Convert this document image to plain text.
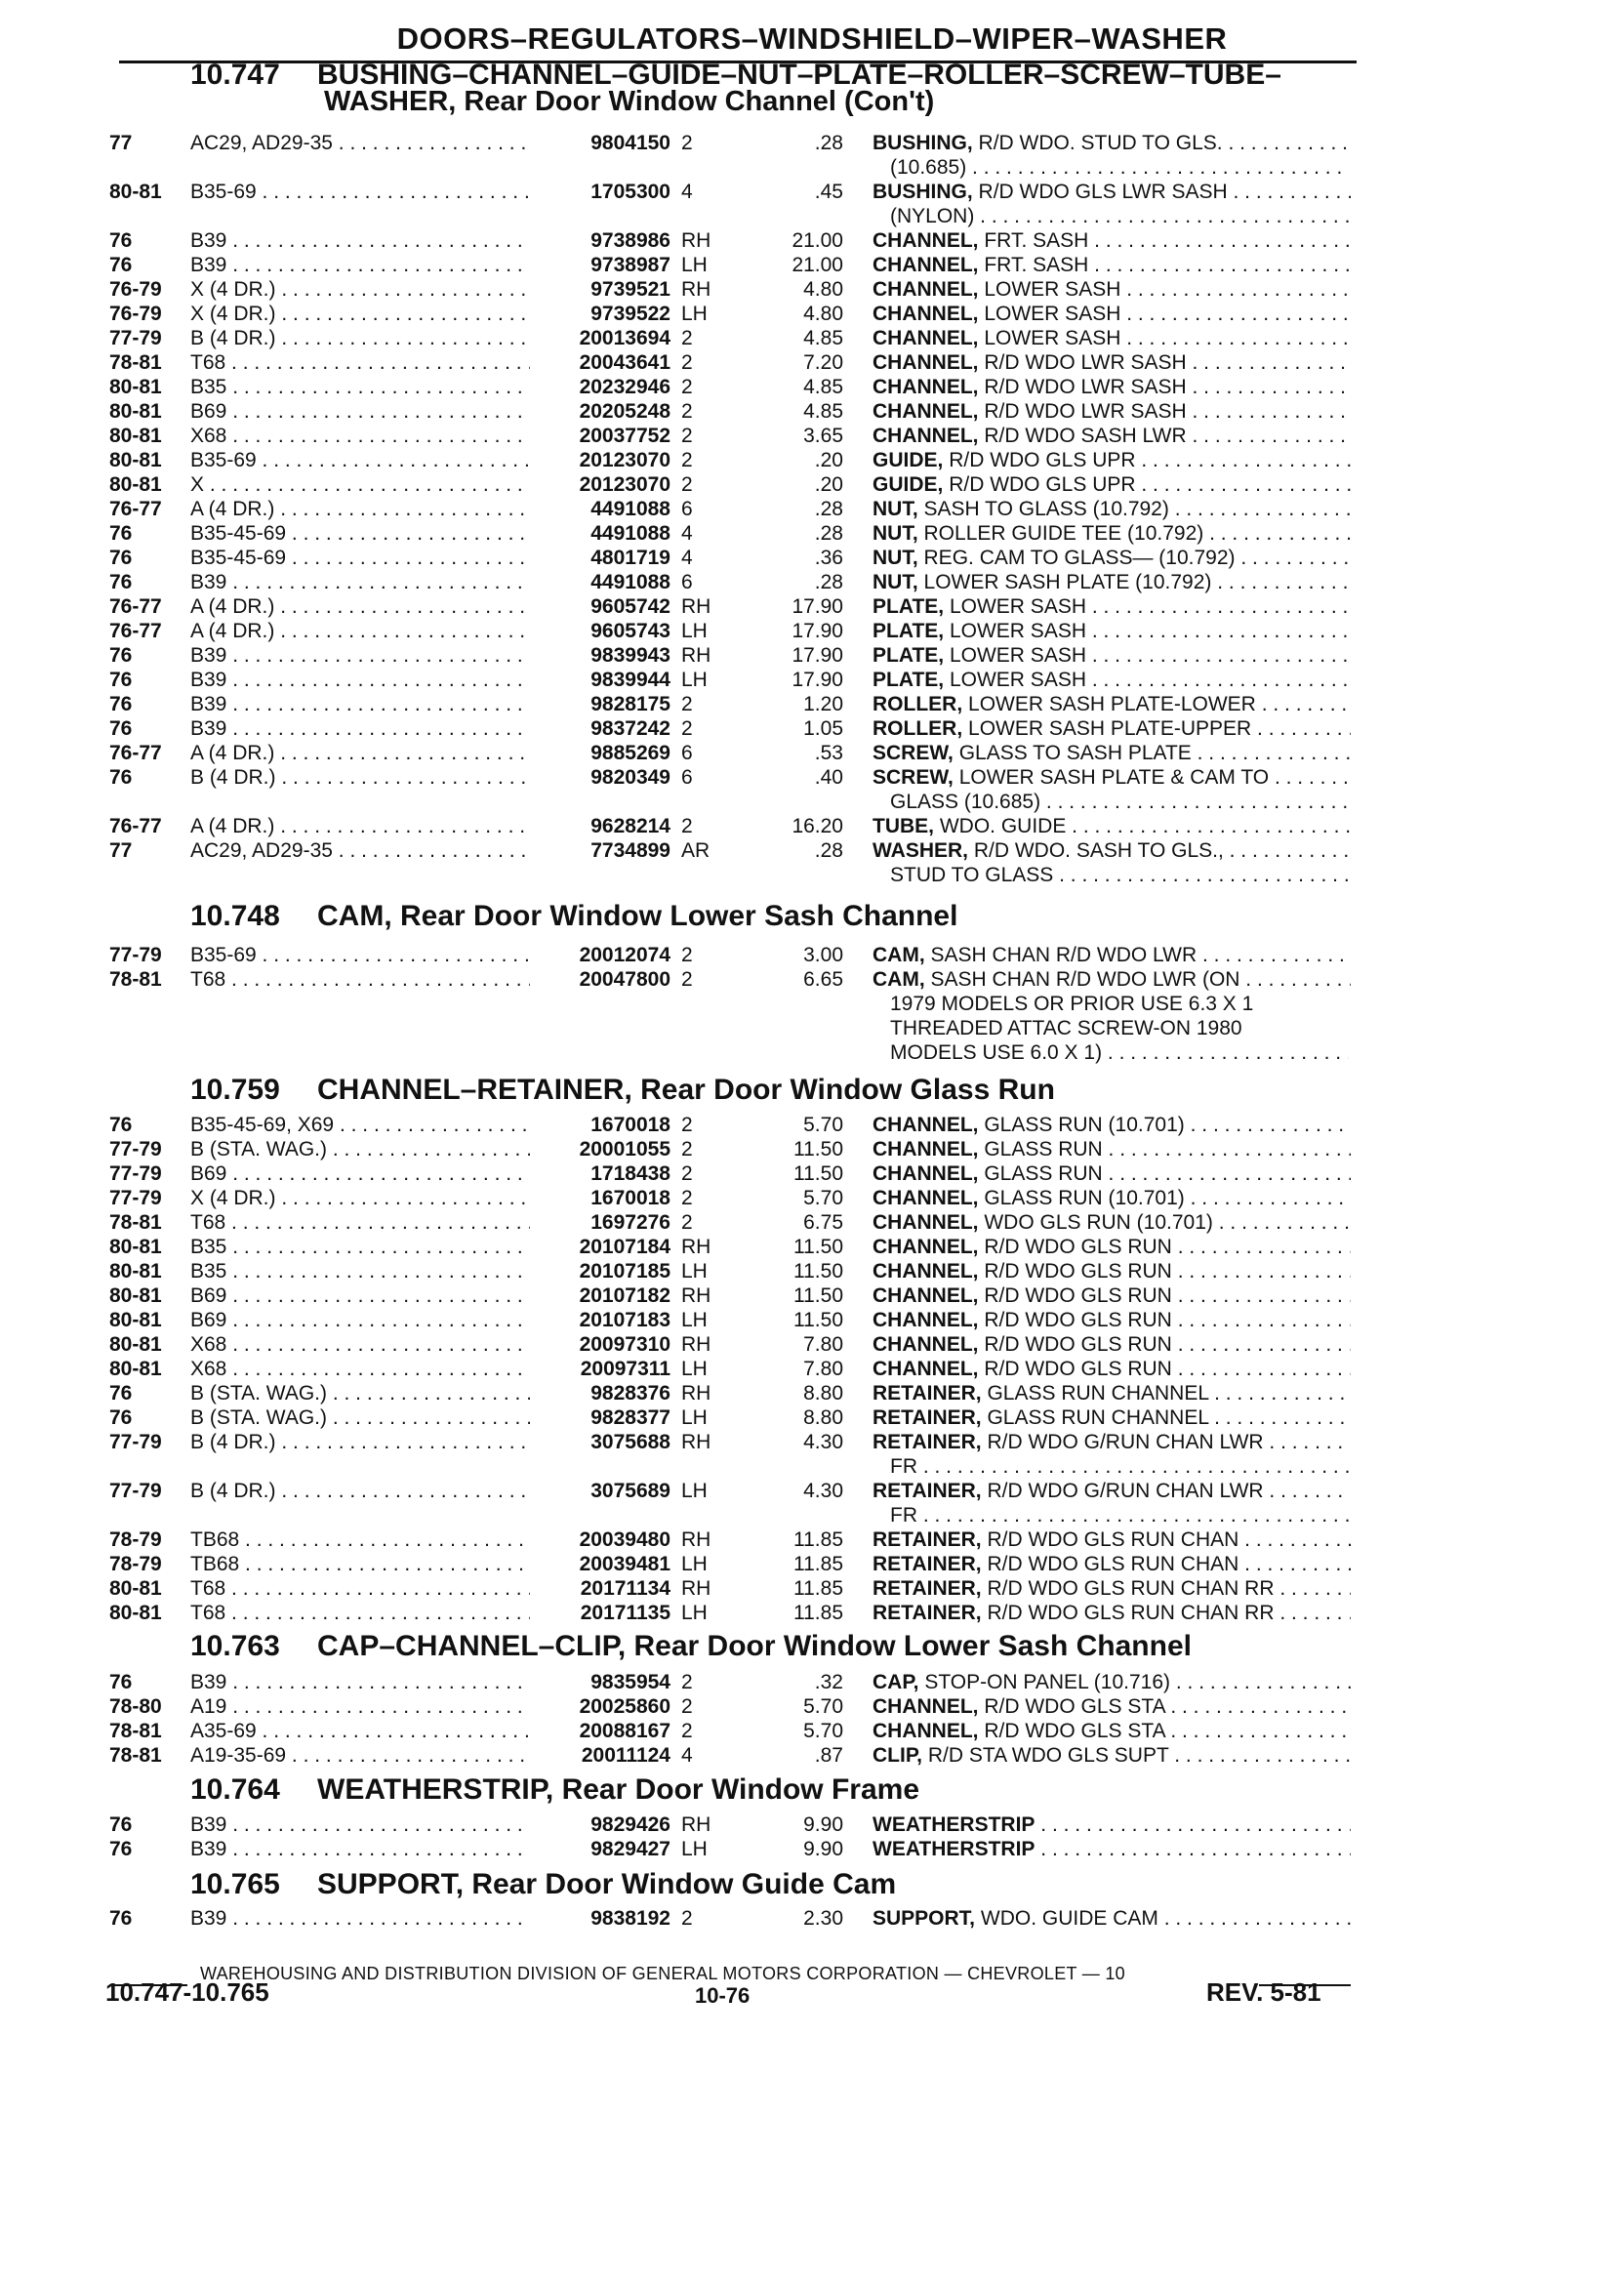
DOORS–REGULATORS–WINDSHIELD–WIPER–WASHER
10.747 BUSHING–CHANNEL–GUIDE–NUT–PLATE–ROLLER–SCREW–TUBE–
WASHER, Rear Door Window Channel (Con't)
77	AC29, AD29-35 . . .	9804150 2	.28 BUSHING, R/D WDO. STUD TO GLS. . . .
(10.685) . . .
80-81 B35-69 . . .	1705300 4	.45 BUSHING, R/D WDO GLS LWR SASH . . .
(NYLON) . . .
76	B39 . . .	9738986 RH	21.00 CHANNEL, FRT. SASH . . .
76	B39 . . .	9738987 LH	21.00 CHANNEL, FRT. SASH . . .
76-79 X (4 DR.) . . .	9739521 RH	4.80 CHANNEL, LOWER SASH . . .
76-79 X (4 DR.) . . .	9739522 LH	4.80 CHANNEL, LOWER SASH . . .
77-79 B (4 DR.) . . .	20013694 2	4.85 CHANNEL, LOWER SASH . . .
78-81 T68 . . .	20043641 2	7.20 CHANNEL, R/D WDO LWR SASH . . .
80-81 B35 . . .	20232946 2	4.85 CHANNEL, R/D WDO LWR SASH . . .
80-81 B69 . . .	20205248 2	4.85 CHANNEL, R/D WDO LWR SASH . . .
80-81 X68 . . .	20037752 2	3.65 CHANNEL, R/D WDO SASH LWR . . .
80-81 B35-69 . . .	20123070 2	.20 GUIDE, R/D WDO GLS UPR . . .
80-81 X . . .	20123070 2	.20 GUIDE, R/D WDO GLS UPR . . .
76-77 A (4 DR.) . . .	4491088 6	.28 NUT, SASH TO GLASS (10.792) . . .
76	B35-45-69 . . .	4491088 4	.28 NUT, ROLLER GUIDE TEE (10.792) . . .
76	B35-45-69 . . .	4801719 4	.36 NUT, REG. CAM TO GLASS— (10.792) . . .
76	B39 . . .	4491088 6	.28 NUT, LOWER SASH PLATE (10.792) . . .
76-77 A (4 DR.) . . .	9605742 RH	17.90 PLATE, LOWER SASH . . .
76-77 A (4 DR.) . . .	9605743 LH	17.90 PLATE, LOWER SASH . . .
76	B39 . . .	9839943 RH	17.90 PLATE, LOWER SASH . . .
76	B39 . . .	9839944 LH	17.90 PLATE, LOWER SASH . . .
76	B39 . . .	9828175 2	1.20 ROLLER, LOWER SASH PLATE-LOWER . . .
76	B39 . . .	9837242 2	1.05 ROLLER, LOWER SASH PLATE-UPPER . . .
76-77 A (4 DR.) . . .	9885269 6	.53 SCREW, GLASS TO SASH PLATE . . .
76	B (4 DR.) . . .	9820349 6	.40 SCREW, LOWER SASH PLATE & CAM TO . . .
GLASS (10.685) . . .
76-77 A (4 DR.) . . .	9628214 2	16.20 TUBE, WDO. GUIDE . . .
77	AC29, AD29-35 . . .	7734899 AR	.28 WASHER, R/D WDO. SASH TO GLS., . . .
STUD TO GLASS . . .
10.748 CAM, Rear Door Window Lower Sash Channel
77-79 B35-69 . . .	20012074 2	3.00 CAM, SASH CHAN R/D WDO LWR . . .
78-81 T68 . . .	20047800 2	6.65 CAM, SASH CHAN R/D WDO LWR (ON . . .
1979 MODELS OR PRIOR USE 6.3 X 1
THREADED ATTAC SCREW-ON 1980
MODELS USE 6.0 X 1) . . .
10.759 CHANNEL–RETAINER, Rear Door Window Glass Run
76	B35-45-69, X69 . . .	1670018 2	5.70 CHANNEL, GLASS RUN (10.701) . . .
77-79 B (STA. WAG.) . . .	20001055 2	11.50 CHANNEL, GLASS RUN . . .
77-79 B69 . . .	1718438 2	11.50 CHANNEL, GLASS RUN . . .
77-79 X (4 DR.) . . .	1670018 2	5.70 CHANNEL, GLASS RUN (10.701) . . .
78-81 T68 . . .	1697276 2	6.75 CHANNEL, WDO GLS RUN (10.701) . . .
80-81 B35 . . .	20107184 RH	11.50 CHANNEL, R/D WDO GLS RUN . . .
80-81 B35 . . .	20107185 LH	11.50 CHANNEL, R/D WDO GLS RUN . . .
80-81 B69 . . .	20107182 RH	11.50 CHANNEL, R/D WDO GLS RUN . . .
80-81 B69 . . .	20107183 LH	11.50 CHANNEL, R/D WDO GLS RUN . . .
80-81 X68 . . .	20097310 RH	7.80 CHANNEL, R/D WDO GLS RUN . . .
80-81 X68 . . .	20097311 LH	7.80 CHANNEL, R/D WDO GLS RUN . . .
76	B (STA. WAG.) . . .	9828376 RH	8.80 RETAINER, GLASS RUN CHANNEL . . .
76	B (STA. WAG.) . . .	9828377 LH	8.80 RETAINER, GLASS RUN CHANNEL . . .
77-79 B (4 DR.) . . .	3075688 RH	4.30 RETAINER, R/D WDO G/RUN CHAN LWR . . .
FR . . .
77-79 B (4 DR.) . . .	3075689 LH	4.30 RETAINER, R/D WDO G/RUN CHAN LWR . . .
FR . . .
78-79 TB68 . . .	20039480 RH	11.85 RETAINER, R/D WDO GLS RUN CHAN . . .
78-79 TB68 . . .	20039481 LH	11.85 RETAINER, R/D WDO GLS RUN CHAN . . .
80-81 T68 . . .	20171134 RH	11.85 RETAINER, R/D WDO GLS RUN CHAN RR . . .
80-81 T68 . . .	20171135 LH	11.85 RETAINER, R/D WDO GLS RUN CHAN RR . . .
10.763 CAP–CHANNEL–CLIP, Rear Door Window Lower Sash Channel
76	B39 . . .	9835954 2	.32 CAP, STOP-ON PANEL (10.716) . . .
78-80 A19 . . .	20025860 2	5.70 CHANNEL, R/D WDO GLS STA . . .
78-81 A35-69 . . .	20088167 2	5.70 CHANNEL, R/D WDO GLS STA . . .
78-81 A19-35-69 . . .	20011124 4	.87 CLIP, R/D STA WDO GLS SUPT . . .
10.764 WEATHERSTRIP, Rear Door Window Frame
76	B39 . . .	9829426 RH	9.90 WEATHERSTRIP . . .
76	B39 . . .	9829427 LH	9.90 WEATHERSTRIP . . .
10.765 SUPPORT, Rear Door Window Guide Cam
76	B39 . . .	9838192 2	2.30 SUPPORT, WDO. GUIDE CAM . . .
WAREHOUSING AND DISTRIBUTION DIVISION OF GENERAL MOTORS CORPORATION — CHEVROLET — 10
10.747-10.765	10-76	REV. 5-81
